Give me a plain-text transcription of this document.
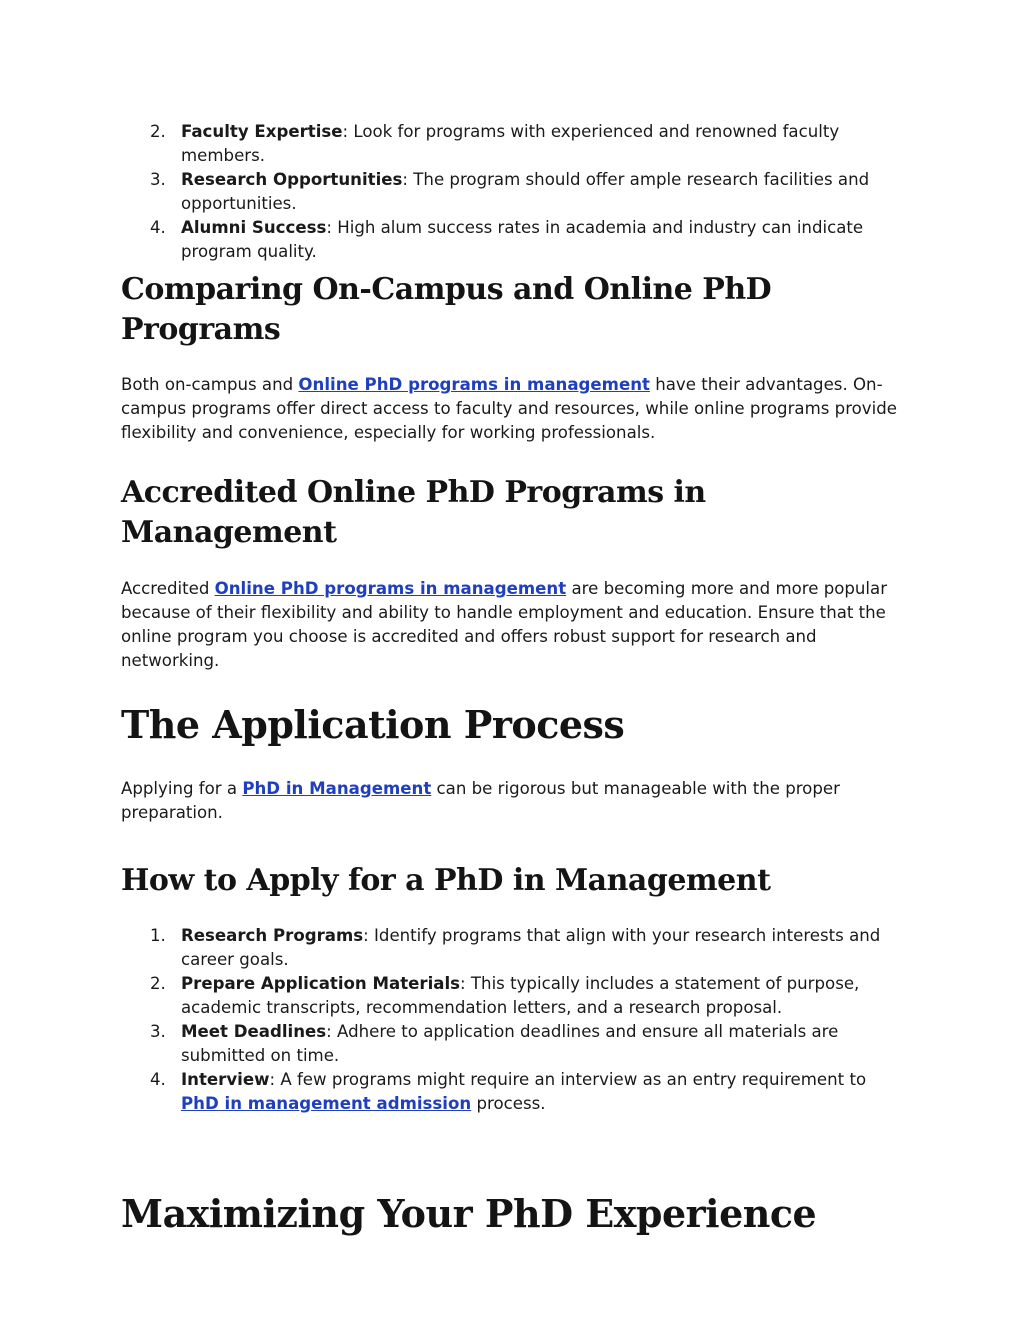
2. Faculty Expertise: Look for programs with experienced and renowned faculty members.
3. Research Opportunities: The program should offer ample research facilities and opportunities.
4. Alumni Success: High alum success rates in academia and industry can indicate program quality.
Comparing On-Campus and Online PhD Programs

Both on-campus and Online PhD programs in management have their advantages. On-campus programs offer direct access to faculty and resources, while online programs provide flexibility and convenience, especially for working professionals.

Accredited Online PhD Programs in Management

Accredited Online PhD programs in management are becoming more and more popular because of their flexibility and ability to handle employment and education. Ensure that the online program you choose is accredited and offers robust support for research and networking.

The Application Process

Applying for a PhD in Management can be rigorous but manageable with the proper preparation.

How to Apply for a PhD in Management
1. Research Programs: Identify programs that align with your research interests and career goals.
2. Prepare Application Materials: This typically includes a statement of purpose, academic transcripts, recommendation letters, and a research proposal.
3. Meet Deadlines: Adhere to application deadlines and ensure all materials are submitted on time.
4. Interview: A few programs might require an interview as an entry requirement to PhD in management admission process.
Maximizing Your PhD Experience
